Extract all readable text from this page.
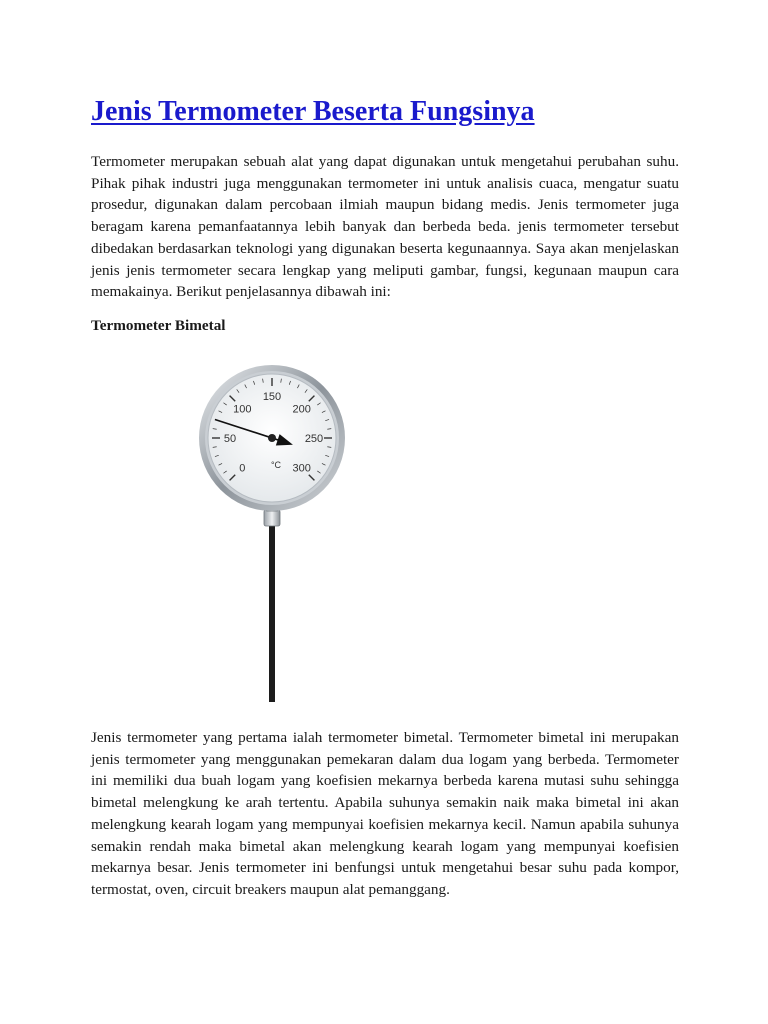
Jenis Termometer Beserta Fungsinya

Termometer merupakan sebuah alat yang dapat digunakan untuk mengetahui perubahan suhu. Pihak pihak industri juga menggunakan termometer ini untuk analisis cuaca, mengatur suatu prosedur, digunakan dalam percobaan ilmiah maupun bidang medis. Jenis termometer juga beragam karena pemanfaatannya lebih banyak dan berbeda beda. jenis termometer tersebut dibedakan berdasarkan teknologi yang digunakan beserta kegunaannya. Saya akan menjelaskan jenis jenis termometer secara lengkap yang meliputi gambar, fungsi, kegunaan maupun cara memakainya. Berikut penjelasannya dibawah ini:

Termometer Bimetal
0
50
100
150
200
250
300
°C

Jenis termometer yang pertama ialah termometer bimetal. Termometer bimetal ini merupakan jenis termometer yang menggunakan pemekaran dalam dua logam yang berbeda. Termometer ini memiliki dua buah logam yang koefisien mekarnya berbeda karena mutasi suhu sehingga bimetal melengkung ke arah tertentu. Apabila suhunya semakin naik maka bimetal ini akan melengkung kearah logam yang mempunyai koefisien mekarnya kecil. Namun apabila suhunya semakin rendah maka bimetal akan melengkung kearah logam yang mempunyai koefisien mekarnya besar. Jenis termometer ini benfungsi untuk mengetahui besar suhu pada kompor, termostat, oven, circuit breakers maupun alat pemanggang.
